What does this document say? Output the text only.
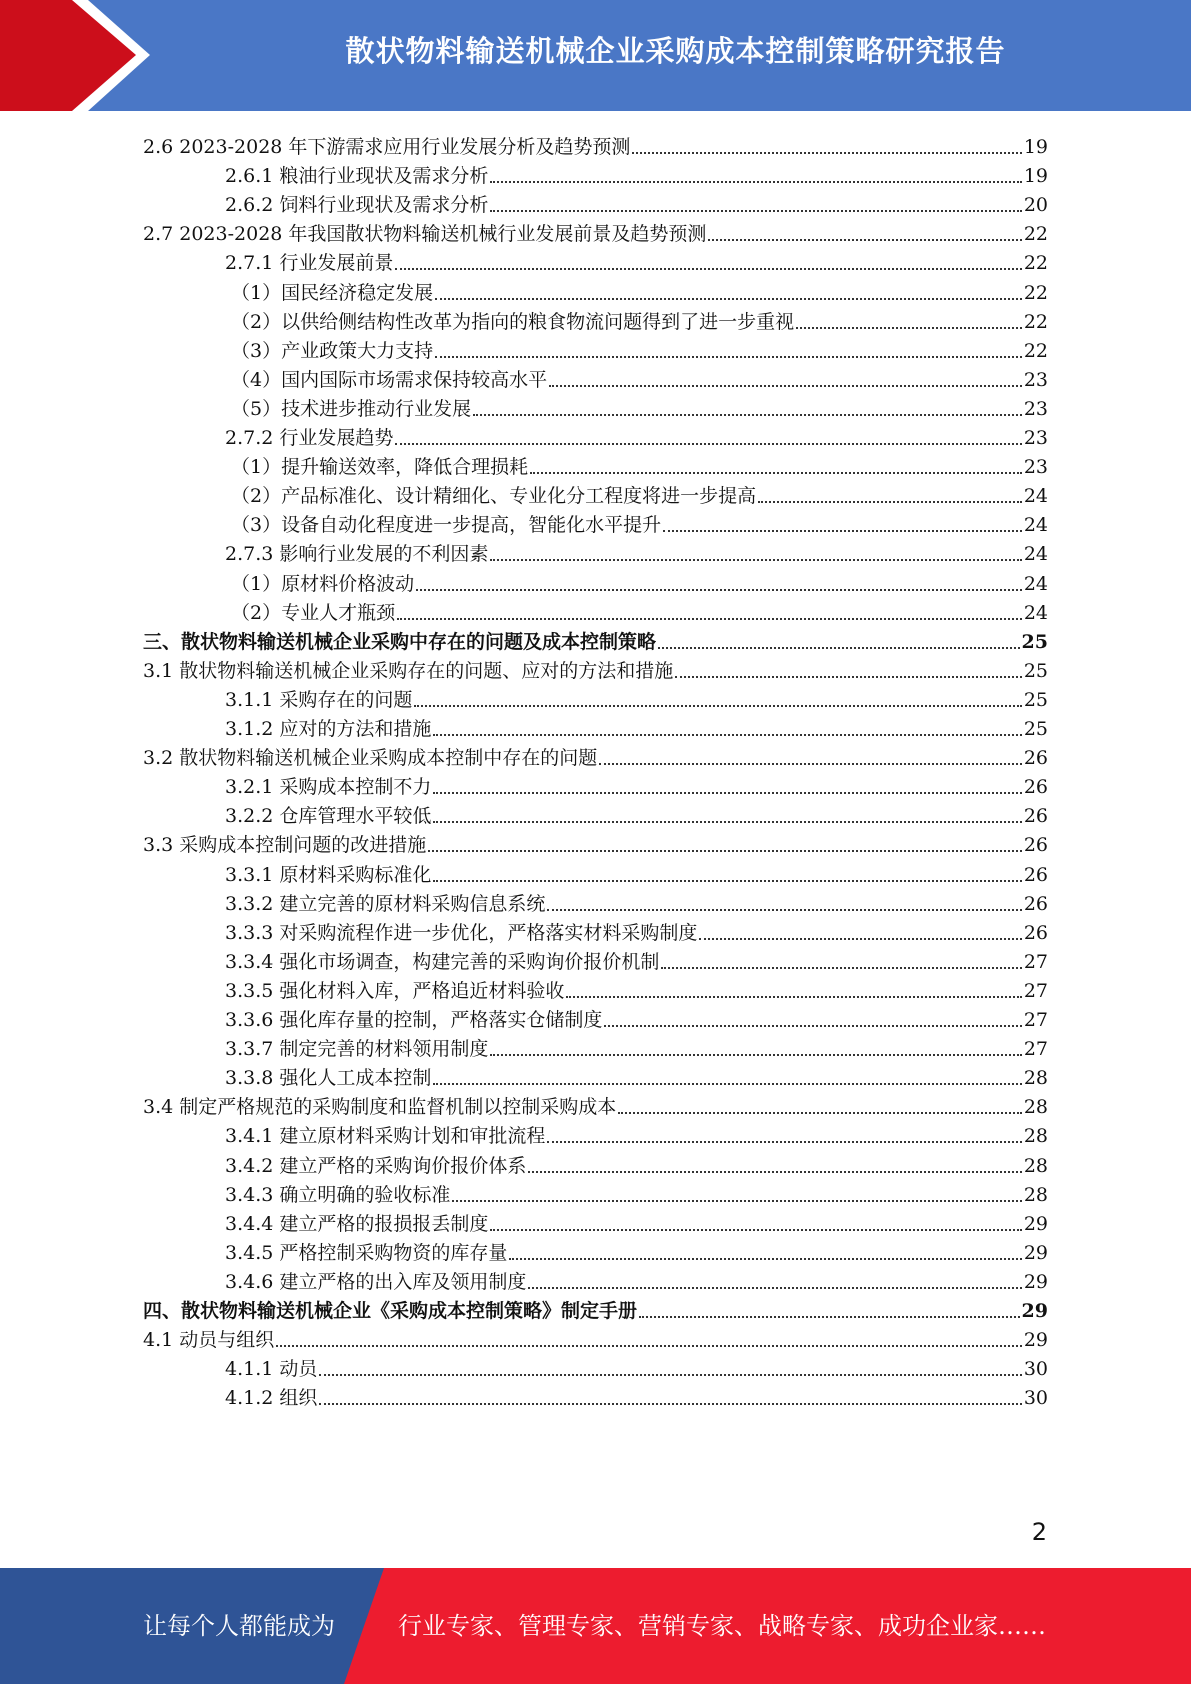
散状物料输送机械企业采购成本控制策略研究报告
2.6 2023-2028 年下游需求应用行业发展分析及趋势预测	19
2.6.1 粮油行业现状及需求分析	19
2.6.2 饲料行业现状及需求分析	20
2.7 2023-2028 年我国散状物料输送机械行业发展前景及趋势预测	22
2.7.1 行业发展前景	22
（1）国民经济稳定发展	22
（2）以供给侧结构性改革为指向的粮食物流问题得到了进一步重视	22
（3）产业政策大力支持	22
（4）国内国际市场需求保持较高水平	23
（5）技术进步推动行业发展	23
2.7.2 行业发展趋势	23
（1）提升输送效率，降低合理损耗	23
（2）产品标准化、设计精细化、专业化分工程度将进一步提高	24
（3）设备自动化程度进一步提高，智能化水平提升	24
2.7.3 影响行业发展的不利因素	24
（1）原材料价格波动	24
（2）专业人才瓶颈	24
三、散状物料输送机械企业采购中存在的问题及成本控制策略	25
3.1 散状物料输送机械企业采购存在的问题、应对的方法和措施	25
3.1.1 采购存在的问题	25
3.1.2 应对的方法和措施	25
3.2 散状物料输送机械企业采购成本控制中存在的问题	26
3.2.1 采购成本控制不力	26
3.2.2 仓库管理水平较低	26
3.3 采购成本控制问题的改进措施	26
3.3.1 原材料采购标准化	26
3.3.2 建立完善的原材料采购信息系统	26
3.3.3 对采购流程作进一步优化，严格落实材料采购制度	26
3.3.4 强化市场调查，构建完善的采购询价报价机制	27
3.3.5 强化材料入库，严格追近材料验收	27
3.3.6 强化库存量的控制，严格落实仓储制度	27
3.3.7 制定完善的材料领用制度	27
3.3.8 强化人工成本控制	28
3.4 制定严格规范的采购制度和监督机制以控制采购成本	28
3.4.1 建立原材料采购计划和审批流程	28
3.4.2 建立严格的采购询价报价体系	28
3.4.3 确立明确的验收标准	28
3.4.4 建立严格的报损报丢制度	29
3.4.5 严格控制采购物资的库存量	29
3.4.6 建立严格的出入库及领用制度	29
四、散状物料输送机械企业《采购成本控制策略》制定手册	29
4.1 动员与组织	29
4.1.1 动员	30
4.1.2 组织	30
2
让每个人都能成为	行业专家、管理专家、营销专家、战略专家、成功企业家……
